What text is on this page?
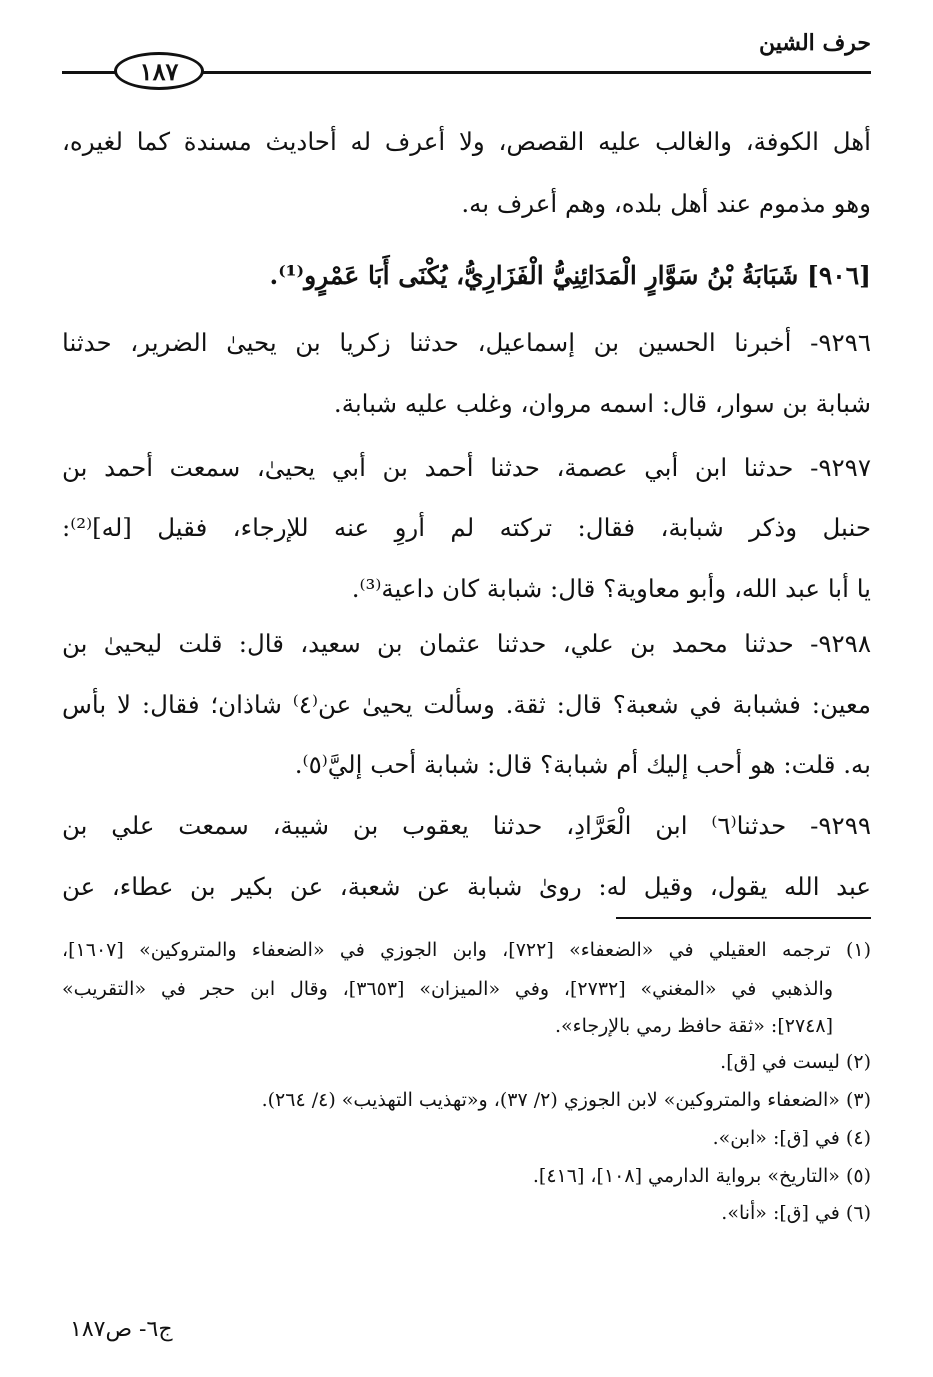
حرف الشين
١٨٧
أهل الكوفة، والغالب عليه القصص، ولا أعرف له أحاديث مسندة كما لغيره،
وهو مذموم عند أهل بلده، وهم أعرف به.
[٩٠٦] شَبَابَةُ بْنُ سَوَّارٍ الْمَدَائِنِيُّ الْفَزَارِيُّ، يُكْنَى أَبَا عَمْرٍو⁽¹⁾.
٩٢٩٦- أخبرنا الحسين بن إسماعيل، حدثنا زكريا بن يحيىٰ الضرير، حدثنا
شبابة بن سوار، قال: اسمه مروان، وغلب عليه شبابة.
٩٢٩٧- حدثنا ابن أبي عصمة، حدثنا أحمد بن أبي يحيىٰ، سمعت أحمد بن
حنبل وذكر شبابة، فقال: تركته لم أروِ عنه للإرجاء، فقيل [له]⁽²⁾:
يا أبا عبد الله، وأبو معاوية؟ قال: شبابة كان داعية⁽³⁾.
٩٢٩٨- حدثنا محمد بن علي، حدثنا عثمان بن سعيد، قال: قلت ليحيىٰ بن
معين: فشبابة في شعبة؟ قال: ثقة. وسألت يحيىٰ عن⁽٤⁾ شاذان؛ فقال: لا بأس
به. قلت: هو أحب إليك أم شبابة؟ قال: شبابة أحب إليَّ⁽٥⁾.
٩٢٩٩- حدثنا⁽٦⁾ ابن الْعَرَّادِ، حدثنا يعقوب بن شيبة، سمعت علي بن
عبد الله يقول، وقيل له: روىٰ شبابة عن شعبة، عن بكير بن عطاء، عن
(١) ترجمه العقيلي في «الضعفاء» [٧٢٢]، وابن الجوزي في «الضعفاء والمتروكين» [١٦٠٧]،
والذهبي في «المغني» [٢٧٣٢]، وفي «الميزان» [٣٦٥٣]، وقال ابن حجر في «التقريب»
[٢٧٤٨]: «ثقة حافظ رمي بالإرجاء».
(٢) ليست في [ق].
(٣) «الضعفاء والمتروكين» لابن الجوزي (٢/ ٣٧)، و«تهذيب التهذيب» (٤/ ٢٦٤).
(٤) في [ق]: «ابن».
(٥) «التاريخ» برواية الدارمي [١٠٨]، [٤١٦].
(٦) في [ق]: «أنا».
ج٦- ص١٨٧
